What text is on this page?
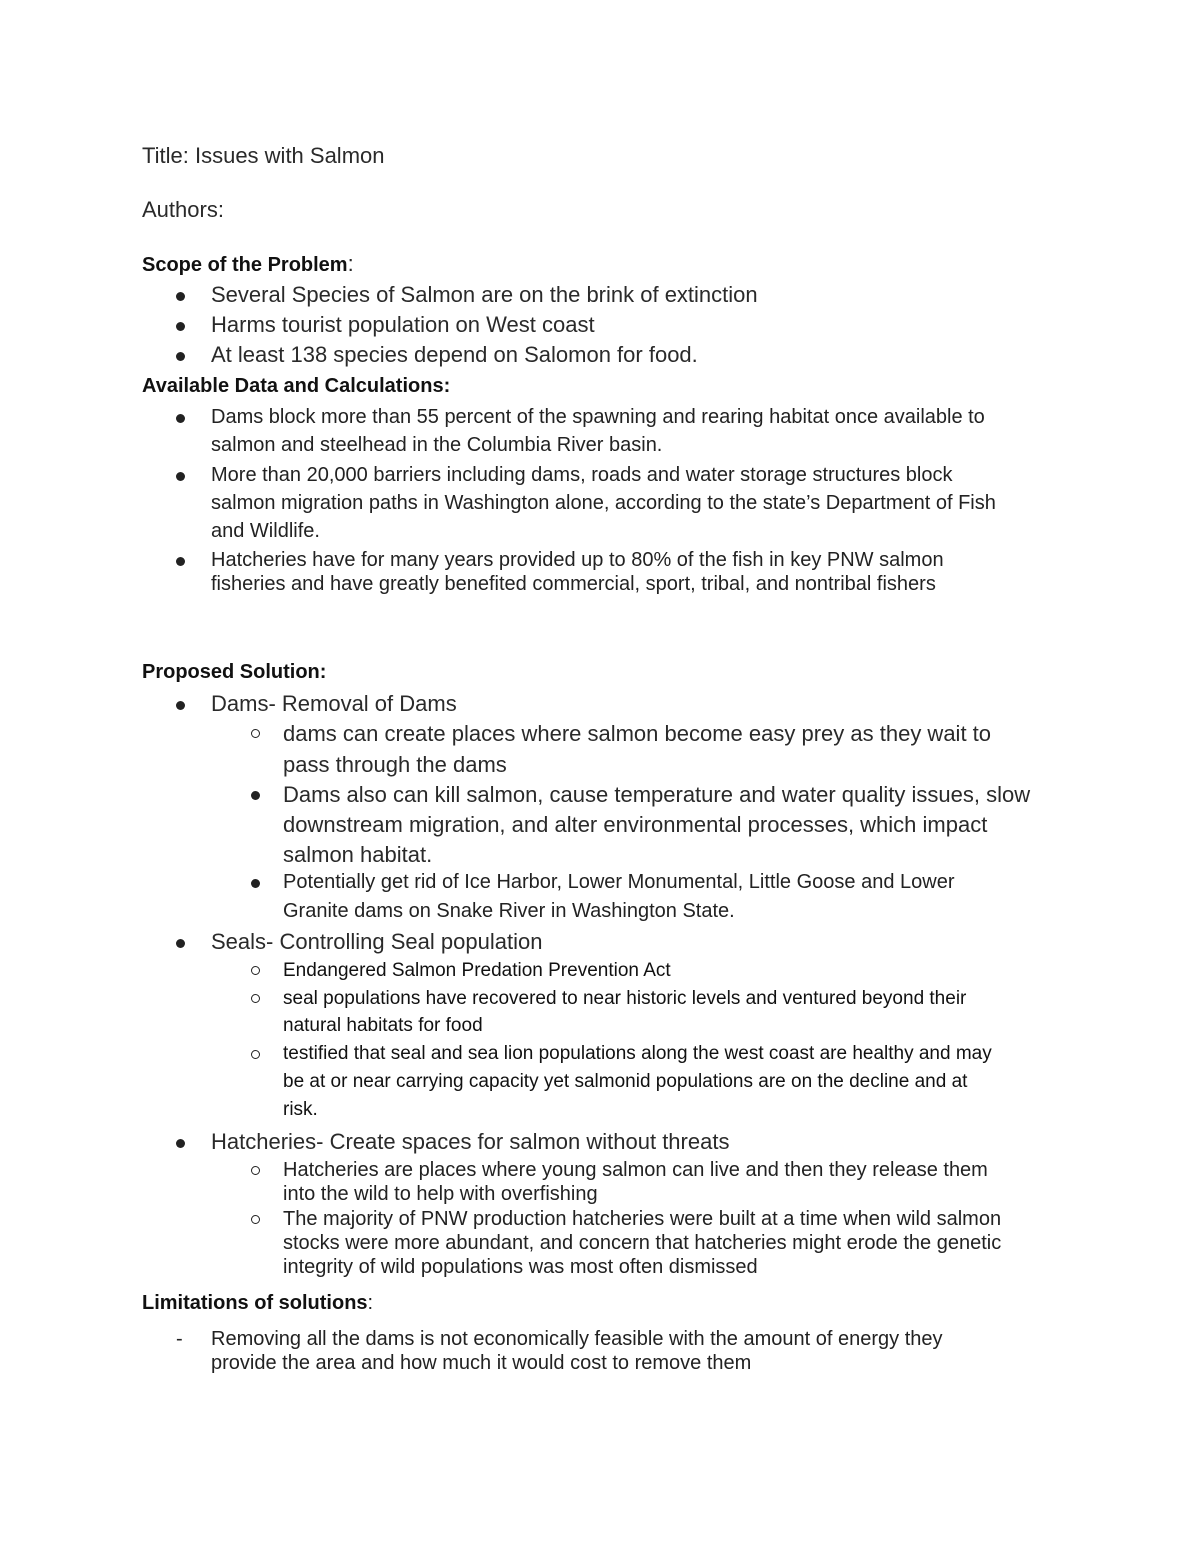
Title: Issues with Salmon
Authors:
Scope of the Problem:
Several Species of Salmon are on the brink of extinction
Harms tourist population on West coast
At least 138 species depend on Salomon for food.
Available Data and Calculations:
Dams block more than 55 percent of the spawning and rearing habitat once available to
salmon and steelhead in the Columbia River basin.
More than 20,000 barriers including dams, roads and water storage structures block
salmon migration paths in Washington alone, according to the state’s Department of Fish
and Wildlife.
Hatcheries have for many years provided up to 80% of the fish in key PNW salmon
fisheries and have greatly benefited commercial, sport, tribal, and nontribal fishers
Proposed Solution:
Dams- Removal of Dams
dams can create places where salmon become easy prey as they wait to
pass through the dams
Dams also can kill salmon, cause temperature and water quality issues, slow
downstream migration, and alter environmental processes, which impact
salmon habitat.
Potentially get rid of Ice Harbor, Lower Monumental, Little Goose and Lower
Granite dams on Snake River in Washington State.
Seals- Controlling Seal population
Endangered Salmon Predation Prevention Act
seal populations have recovered to near historic levels and ventured beyond their
natural habitats for food
testified that seal and sea lion populations along the west coast are healthy and may
be at or near carrying capacity yet salmonid populations are on the decline and at
risk.
Hatcheries- Create spaces for salmon without threats
Hatcheries are places where young salmon can live and then they release them
into the wild to help with overfishing
The majority of PNW production hatcheries were built at a time when wild salmon
stocks were more abundant, and concern that hatcheries might erode the genetic
integrity of wild populations was most often dismissed
Limitations of solutions:
- Removing all the dams is not economically feasible with the amount of energy they
provide the area and how much it would cost to remove them
